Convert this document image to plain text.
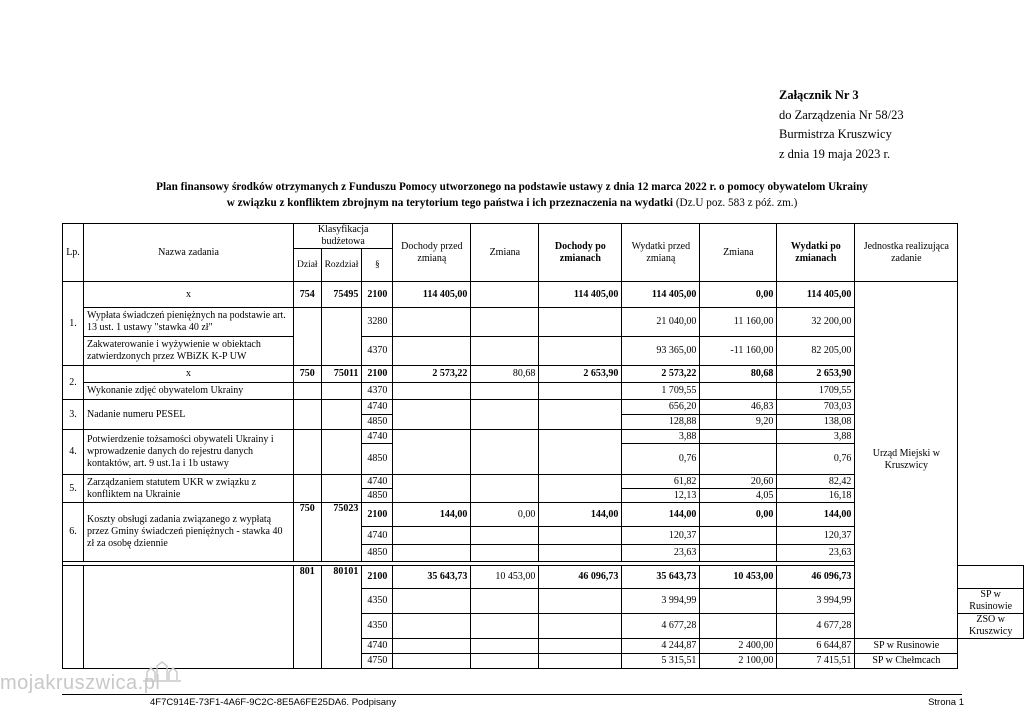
Załącznik Nr 3
do Zarządzenia Nr 58/23
Burmistrza Kruszwicy
z dnia 19 maja 2023 r.
Plan finansowy środków otrzymanych z Funduszu Pomocy utworzonego na podstawie ustawy z dnia 12 marca 2022 r. o pomocy obywatelom Ukrainy
w związku z konfliktem zbrojnym na terytorium tego państwa i ich przeznaczenia na wydatki (Dz.U poz. 583 z póź. zm.)
Lp.	Nazwa zadania	Klasyfikacja budżetowa			Dochody przed zmianą	Zmiana	Dochody po zmianach	Wydatki przed zmianą	Zmiana	Wydatki po zmianach	Jednostka realizująca zadanie	
		Dział	Rozdział	§								
1.	x	754	75495	2100	114 405,00		114 405,00	114 405,00	0,00	114 405,00	Urząd Miejski w Kruszwicy	
	Wypłata świadczeń pieniężnych na podstawie art. 13 ust. 1 ustawy "stawka 40 zł"			3280				21 040,00	11 160,00	32 200,00		
	Zakwaterowanie i wyżywienie w obiektach zatwierdzonych przez WBiZK K-P UW			4370				93 365,00	-11 160,00	82 205,00		
2.	x	750	75011	2100	2 573,22	80,68	2 653,90	2 573,22	80,68	2 653,90		
	Wykonanie zdjęć obywatelom Ukrainy			4370				1 709,55		1709,55		
3.	Nadanie numeru PESEL			4740				656,20	46,83	703,03		
				4850				128,88	9,20	138,08		
4.	Potwierdzenie tożsamości obywateli Ukrainy i wprowadzenie danych do rejestru danych kontaktów, art. 9 ust.1a i 1b ustawy			4740				3,88		3,88		
				4850				0,76		0,76		
5.	Zarządzaniem statutem UKR w związku z konfliktem na Ukrainie			4740				61,82	20,60	82,42		
				4850				12,13	4,05	16,18		
6.	Koszty obsługi zadania związanego z wypłatą przez Gminy świadczeń pieniężnych - stawka 40 zł za osobę dziennie	750	75023	2100	144,00	0,00	144,00	144,00	0,00	144,00		
				4740				120,37		120,37		
				4850				23,63		23,63		

		801	80101	2100	35 643,73	10 453,00	46 096,73	35 643,73	10 453,00	46 096,73		
				4350				3 994,99		3 994,99		SP w Rusinowie
				4350				4 677,28		4 677,28		ZSO w Kruszwicy
				4740				4 244,87	2 400,00	6 644,87	SP w Rusinowie	
				4750				5 315,51	2 100,00	7 415,51	SP w Chełmcach	
4F7C914E-73F1-4A6F-9C2C-8E5A6FE25DA6. Podpisany	Strona 1
mojakruszwica.pl
